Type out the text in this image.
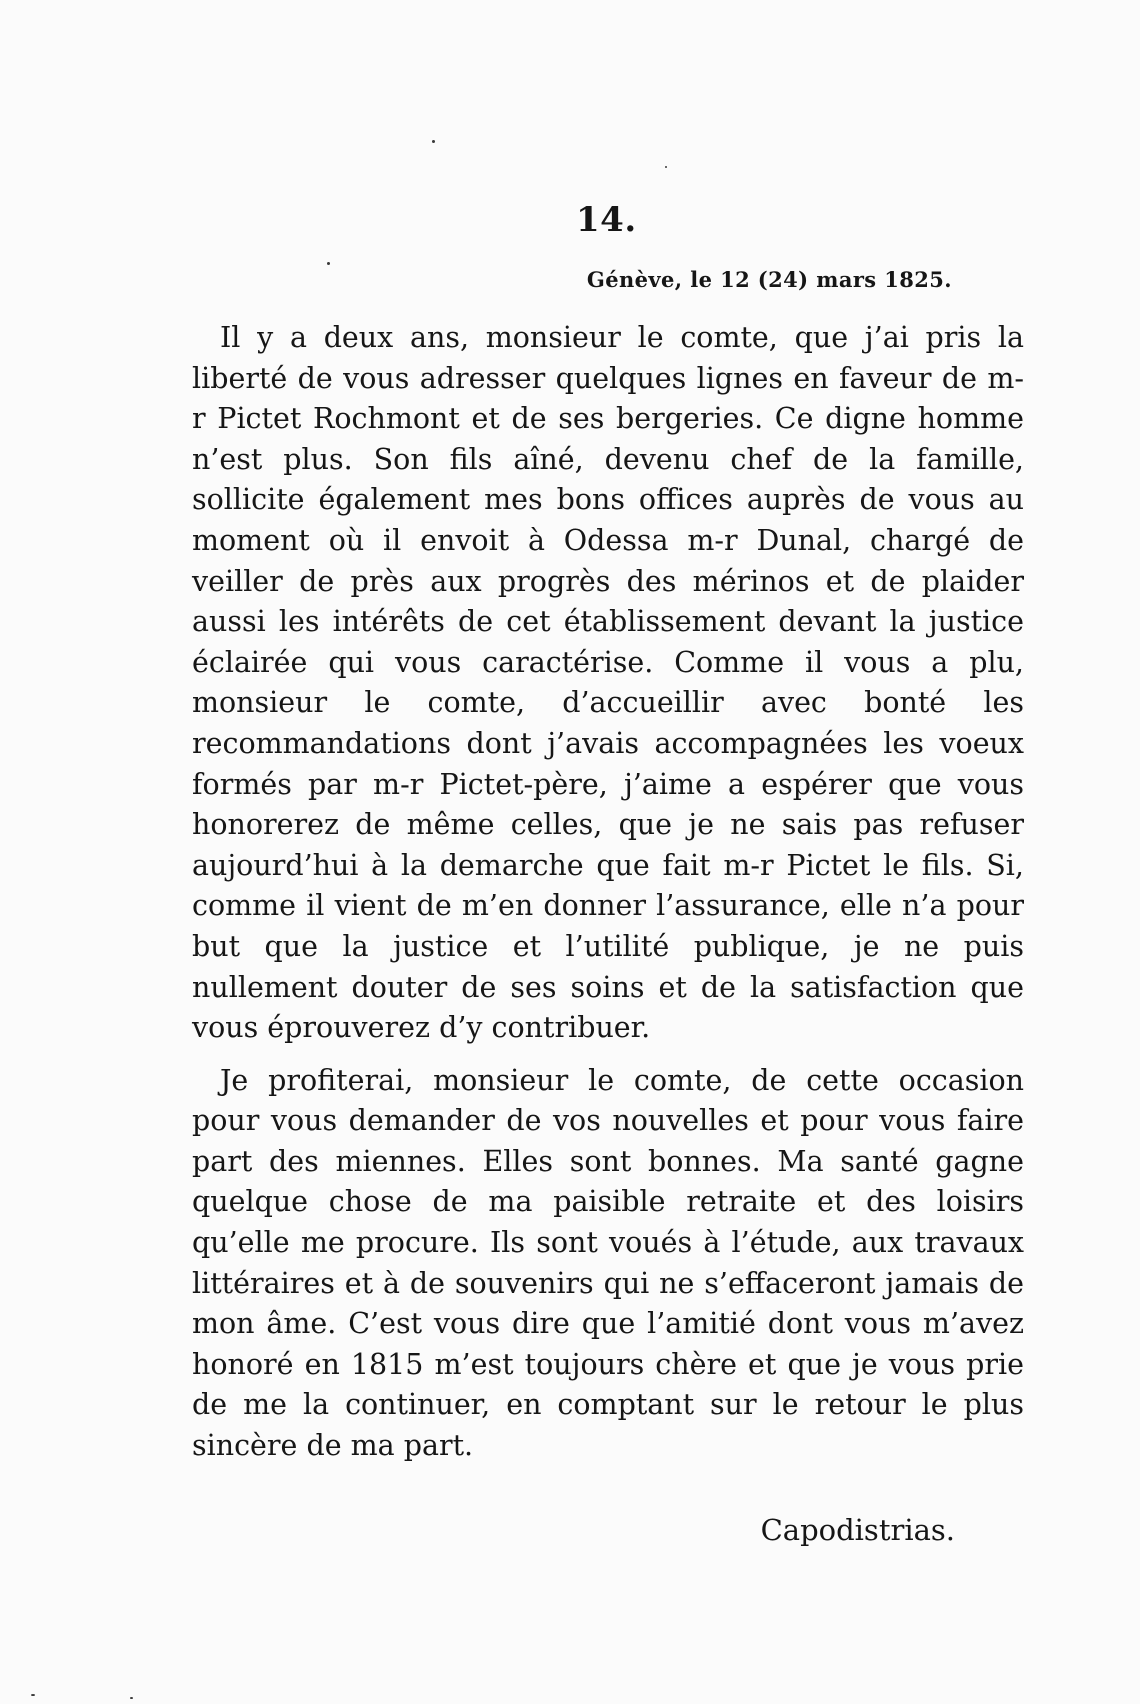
14.
Génève, le 12 (24) mars 1825.

Il y a deux ans, monsieur le comte, que j’ai pris la liberté de vous adresser quelques lignes en faveur de m-r Pictet Rochmont et de ses bergeries. Ce digne homme n’est plus. Son fils aîné, devenu chef de la famille, sollicite également mes bons offices auprès de vous au moment où il envoit à Odessa m-r Dunal, chargé de veiller de près aux progrès des mérinos et de plaider aussi les intérêts de cet établissement devant la justice éclairée qui vous caractérise. Comme il vous a plu, monsieur le comte, d’accueillir avec bonté les recommandations dont j’avais accompagnées les voeux formés par m-r Pictet-père, j’aime a espérer que vous honorerez de même celles, que je ne sais pas refuser aujourd’hui à la demarche que fait m-r Pictet le fils. Si, comme il vient de m’en donner l’assurance, elle n’a pour but que la justice et l’utilité publique, je ne puis nullement douter de ses soins et de la satisfaction que vous éprouverez d’y contribuer.

Je profiterai, monsieur le comte, de cette occasion pour vous demander de vos nouvelles et pour vous faire part des miennes. Elles sont bonnes. Ma santé gagne quelque chose de ma paisible retraite et des loisirs qu’elle me procure. Ils sont voués à l’étude, aux travaux littéraires et à de souvenirs qui ne s’effaceront jamais de mon âme. C’est vous dire que l’amitié dont vous m’avez honoré en 1815 m’est toujours chère et que je vous prie de me la continuer, en comptant sur le retour le plus sincère de ma part.

Capodistrias.
